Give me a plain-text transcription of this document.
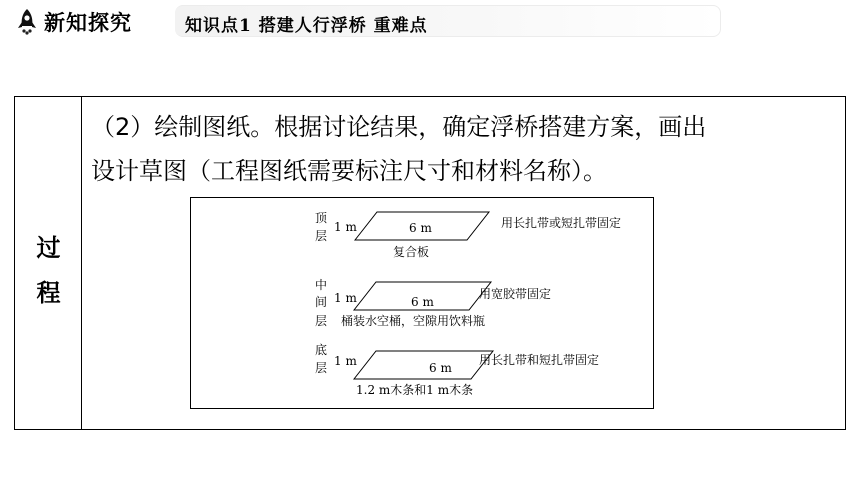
新知探究	知识点1 搭建人行浮桥 重难点
过
程
（2）绘制图纸。根据讨论结果，确定浮桥搭建方案，画出
设计草图（工程图纸需要标注尺寸和材料名称）。
顶
层
1 m	6 m	用长扎带或短扎带固定
复合板
中
间
层
1 m	6 m
用宽胶带固定
桶装水空桶，空隙用饮料瓶
底
层 1 m	6 m
用长扎带和短扎带固定
1.2 m木条和1 m木条
